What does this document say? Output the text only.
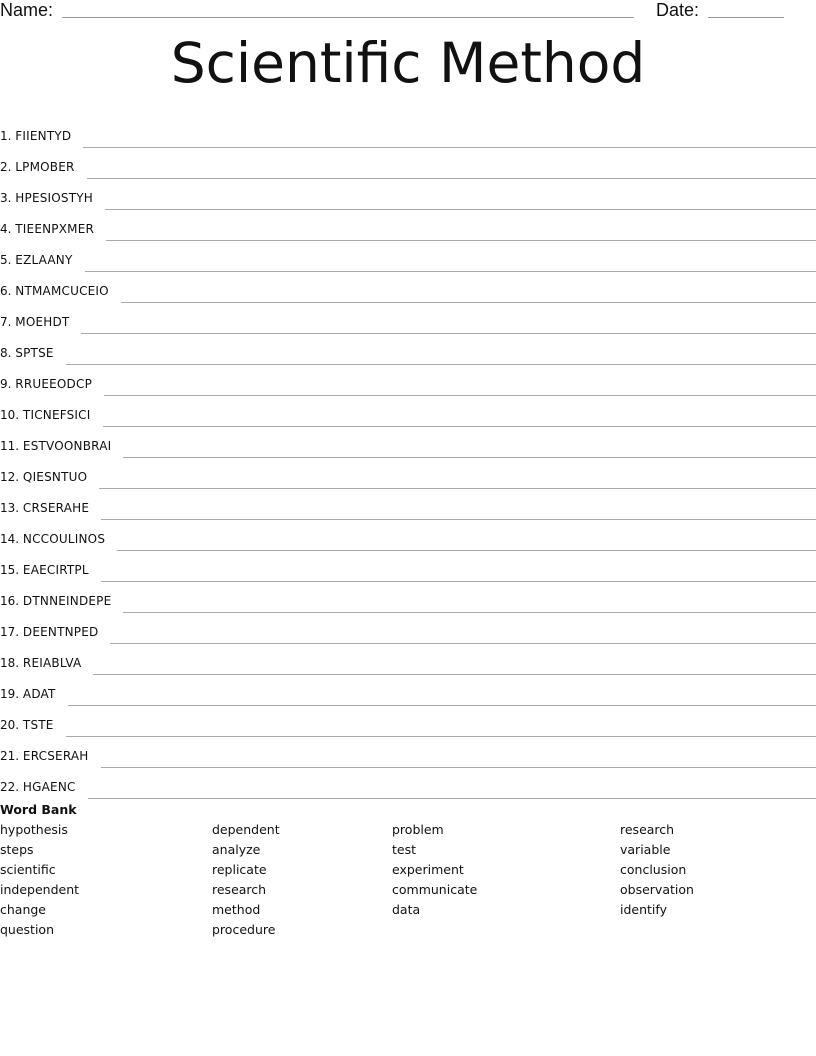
Name:	Date:
Scientific Method
1.
FIIENTYD
2.
LPMOBER
3.
HPESIOSTYH
4.
TIEENPXMER
5.
EZLAANY
6.
NTMAMCUCEIO
7.
MOEHDT
8.
SPTSE
9.
RRUEEODCP
10.
TICNEFSICI
11.
ESTVOONBRAI
12.
QIESNTUO
13.
CRSERAHE
14.
NCCOULINOS
15.
EAECIRTPL
16.
DTNNEINDEPE
17.
DEENTNPED
18.
REIABLVA
19.
ADAT
20.
TSTE
21.
ERCSERAH
22.
HGAENC
Word Bank
hypothesis
steps
scientific
independent
change
question
dependent
analyze
replicate
research
method
procedure
problem
test
experiment
communicate
data
research
variable
conclusion
observation
identify
